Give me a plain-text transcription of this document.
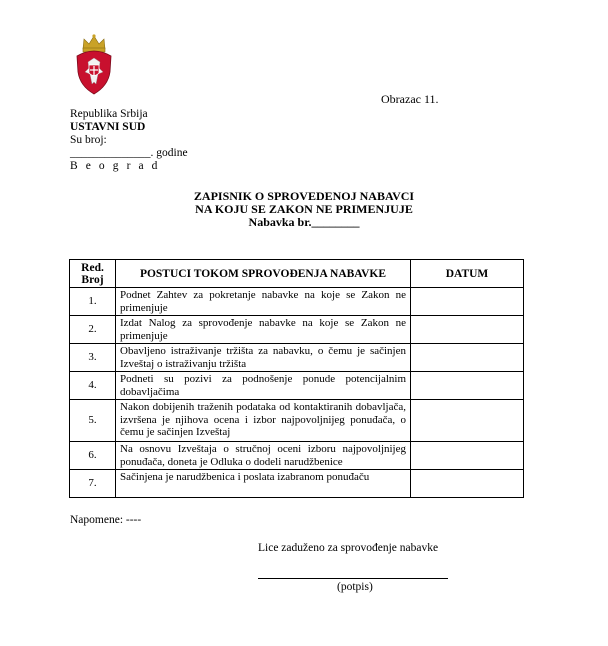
Obrazac 11.
Republika Srbija
USTAVNI SUD
Su broj:
______________. godine
B e o g r a d
ZAPISNIK O SPROVEDENOJ NABAVCI
NA KOJU SE ZAKON NE PRIMENJUJE
Nabavka br.________
Red. Broj	POSTUCI TOKOM SPROVOĐENJA NABAVKE	DATUM
1.	Podnet Zahtev za pokretanje nabavke na koje se Zakon ne primenjuje	
2.	Izdat Nalog za sprovođenje nabavke na koje se Zakon ne primenjuje	
3.	Obavljeno istraživanje tržišta za nabavku, o čemu je sačinjen Izveštaj o istraživanju tržišta	
4.	Podneti su pozivi za podnošenje ponude potencijalnim dobavljačima	
5.	Nakon dobijenih traženih podataka od kontaktiranih dobavljača, izvršena je njihova ocena i izbor najpovoljnijeg ponuđača, o čemu je sačinjen Izveštaj	
6.	Na osnovu Izveštaja o stručnoj oceni izboru najpovoljnijeg ponuđača, doneta je Odluka o dodeli narudžbenice	
7.	Sačinjena je narudžbenica i poslata izabranom ponuđaču	
Napomene: ----
Lice zaduženo za sprovođenje nabavke
(potpis)
